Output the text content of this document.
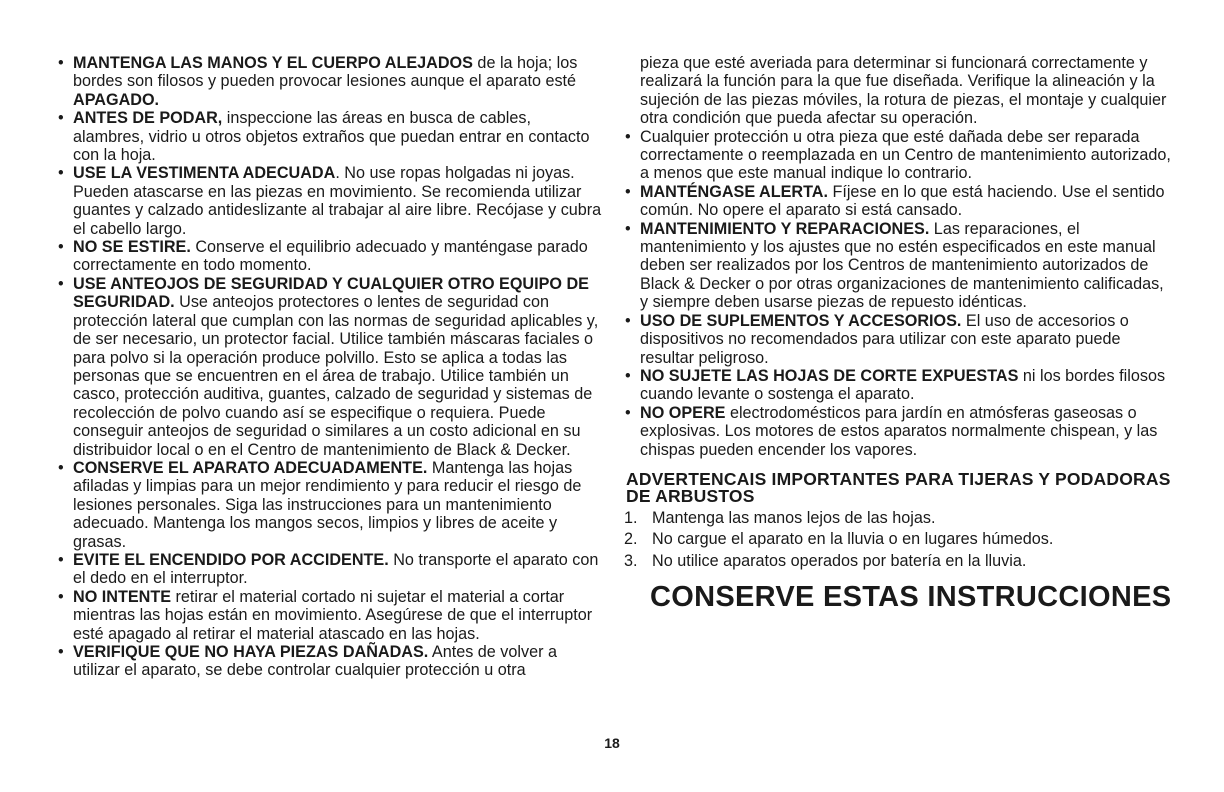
• MANTENGA LAS MANOS Y EL CUERPO ALEJADOS de la hoja; los bordes son filosos y pueden provocar lesiones aunque el aparato esté APAGADO.
• ANTES DE PODAR, inspeccione las áreas en busca de cables, alambres, vidrio u otros objetos extraños que puedan entrar en contacto con la hoja.
• USE LA VESTIMENTA ADECUADA. No use ropas holgadas ni joyas. Pueden atascarse en las piezas en movimiento. Se recomienda utilizar guantes y calzado antideslizante al trabajar al aire libre. Recójase y cubra el cabello largo.
• NO SE ESTIRE. Conserve el equilibrio adecuado y manténgase parado correctamente en todo momento.
• USE ANTEOJOS DE SEGURIDAD Y CUALQUIER OTRO EQUIPO DE SEGURIDAD. Use anteojos protectores o lentes de seguridad con protección lateral que cumplan con las normas de seguridad aplicables y, de ser necesario, un protector facial. Utilice también máscaras faciales o para polvo si la operación produce polvillo. Esto se aplica a todas las personas que se encuentren en el área de trabajo. Utilice también un casco, protección auditiva, guantes, calzado de seguridad y sistemas de recolección de polvo cuando así se especifique o requiera. Puede conseguir anteojos de seguridad o similares a un costo adicional en su distribuidor local o en el Centro de mantenimiento de Black & Decker.
• CONSERVE EL APARATO ADECUADAMENTE. Mantenga las hojas afiladas y limpias para un mejor rendimiento y para reducir el riesgo de lesiones personales. Siga las instrucciones para un mantenimiento adecuado. Mantenga los mangos secos, limpios y libres de aceite y grasas.
• EVITE EL ENCENDIDO POR ACCIDENTE. No transporte el aparato con el dedo en el interruptor.
• NO INTENTE retirar el material cortado ni sujetar el material a cortar mientras las hojas están en movimiento. Asegúrese de que el interruptor esté apagado al retirar el material atascado en las hojas.
• VERIFIQUE QUE NO HAYA PIEZAS DAÑADAS. Antes de volver a utilizar el aparato, se debe controlar cualquier protección u otra
pieza que esté averiada para determinar si funcionará correctamente y realizará la función para la que fue diseñada. Verifique la alineación y la sujeción de las piezas móviles, la rotura de piezas, el montaje y cualquier otra condición que pueda afectar su operación.
• Cualquier protección u otra pieza que esté dañada debe ser reparada correctamente o reemplazada en un Centro de mantenimiento autorizado, a menos que este manual indique lo contrario.
• MANTÉNGASE ALERTA. Fíjese en lo que está haciendo. Use el sentido común. No opere el aparato si está cansado.
• MANTENIMIENTO Y REPARACIONES. Las reparaciones, el mantenimiento y los ajustes que no estén especificados en este manual deben ser realizados por los Centros de mantenimiento autorizados de Black & Decker o por otras organizaciones de mantenimiento calificadas, y siempre deben usarse piezas de repuesto idénticas.
• USO DE SUPLEMENTOS Y ACCESORIOS. El uso de accesorios o dispositivos no recomendados para utilizar con este aparato puede resultar peligroso.
• NO SUJETE LAS HOJAS DE CORTE EXPUESTAS ni los bordes filosos cuando levante o sostenga el aparato.
• NO OPERE electrodomésticos para jardín en atmósferas gaseosas o explosivas. Los motores de estos aparatos normalmente chispean, y las chispas pueden encender los vapores.
ADVERTENCAIS IMPORTANTES PARA TIJERAS Y PODADORAS DE ARBUSTOS
1. Mantenga las manos lejos de las hojas.
2. No cargue el aparato en la lluvia o en lugares húmedos.
3. No utilice aparatos operados por batería en la lluvia.
CONSERVE ESTAS INSTRUCCIONES
18
